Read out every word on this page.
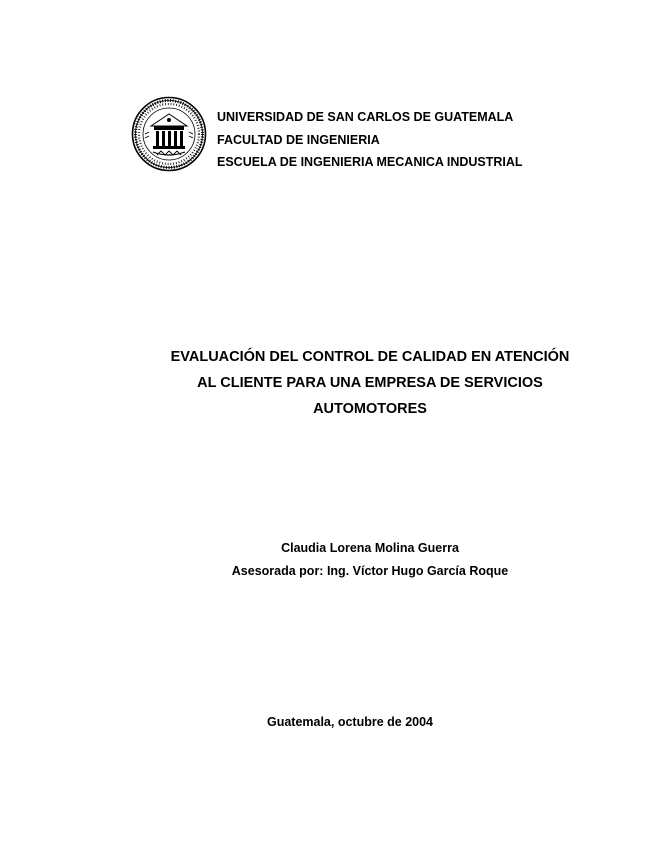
UNIVERSIDAD DE SAN CARLOS DE GUATEMALA
FACULTAD DE INGENIERIA
ESCUELA DE INGENIERIA MECANICA INDUSTRIAL
EVALUACIÓN DEL CONTROL DE CALIDAD EN ATENCIÓN
AL CLIENTE PARA UNA EMPRESA DE SERVICIOS
AUTOMOTORES
Claudia Lorena Molina Guerra
Asesorada por: Ing. Víctor Hugo García Roque
Guatemala, octubre de 2004
